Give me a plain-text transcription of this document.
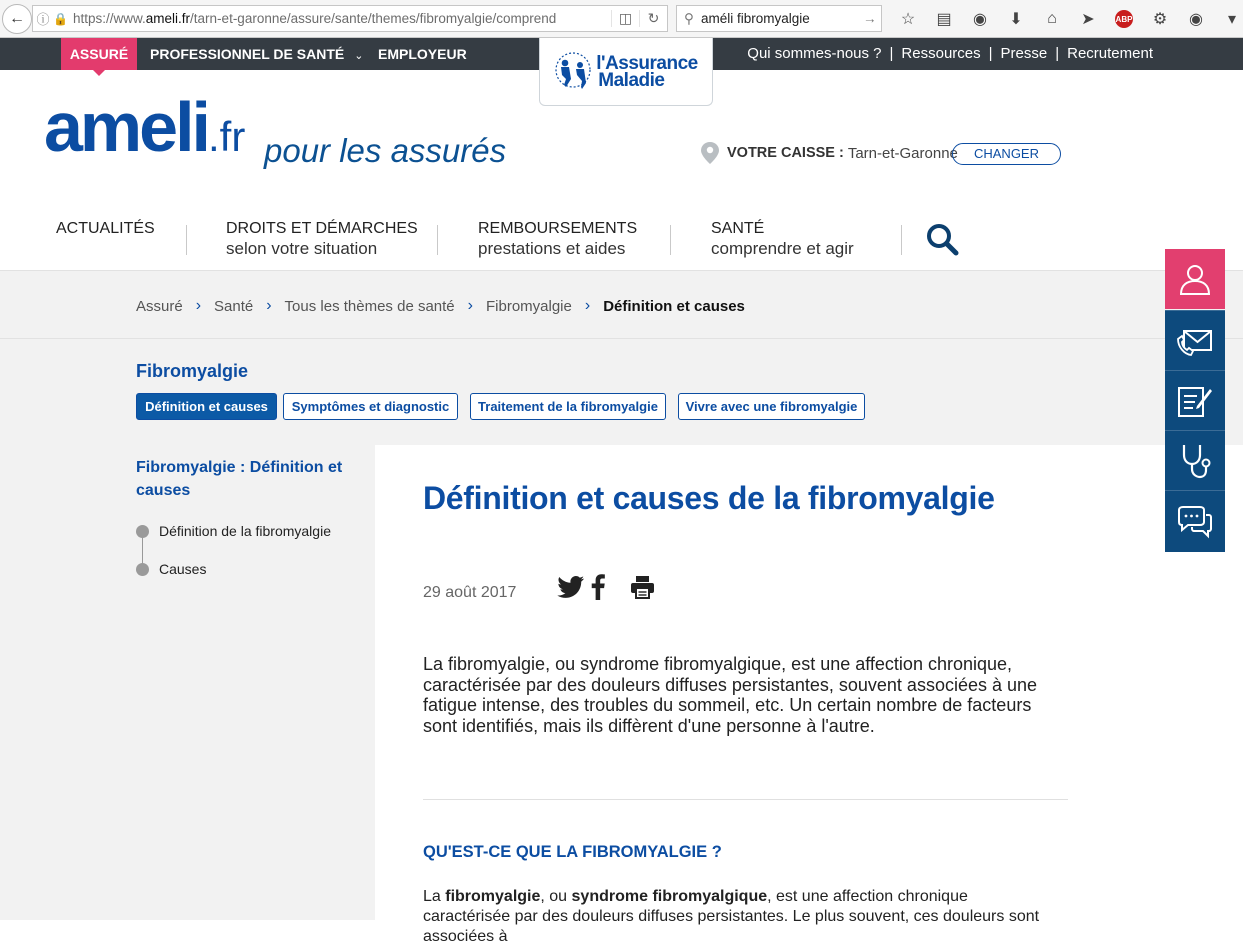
← ⓘ 🔒 https://www.ameli.fr/tarn-et-garonne/assure/sante/themes/fibromyalgie/comprend	◫	↻	⚲ améli fibromyalgie	→	☆	▤	◉	⬇	⌂	➤	ABP	⚙	◉	▾
ASSURÉ	PROFESSIONNEL DE SANTÉ ⌄ EMPLOYEUR	Qui sommes-nous ? | Ressources | Presse | Recrutement
l'Assurance
Maladie
ameli.fr pour les assurés	VOTRE CAISSE : Tarn-et-Garonne	CHANGER
ACTUALITÉS	DROITS ET DÉMARCHES
selon votre situation
REMBOURSEMENTS
prestations et aides
SANTÉ
comprendre et agir
Assuré › Santé › Tous les thèmes de santé › Fibromyalgie › Définition et causes
Fibromyalgie
Définition et causes	Symptômes et diagnostic	Traitement de la fibromyalgie	Vivre avec une fibromyalgie
Fibromyalgie : Définition et causes
Définition de la fibromyalgie
Causes
Définition et causes de la fibromyalgie
29 août 2017

La fibromyalgie, ou syndrome fibromyalgique, est une affection chronique, caractérisée par des douleurs diffuses persistantes, souvent associées à une fatigue intense, des troubles du sommeil, etc. Un certain nombre de facteurs sont identifiés, mais ils diffèrent d'une personne à l'autre.

QU'EST-CE QUE LA FIBROMYALGIE ?

La fibromyalgie, ou syndrome fibromyalgique, est une affection chronique caractérisée par des douleurs diffuses persistantes. Le plus souvent, ces douleurs sont associées à
